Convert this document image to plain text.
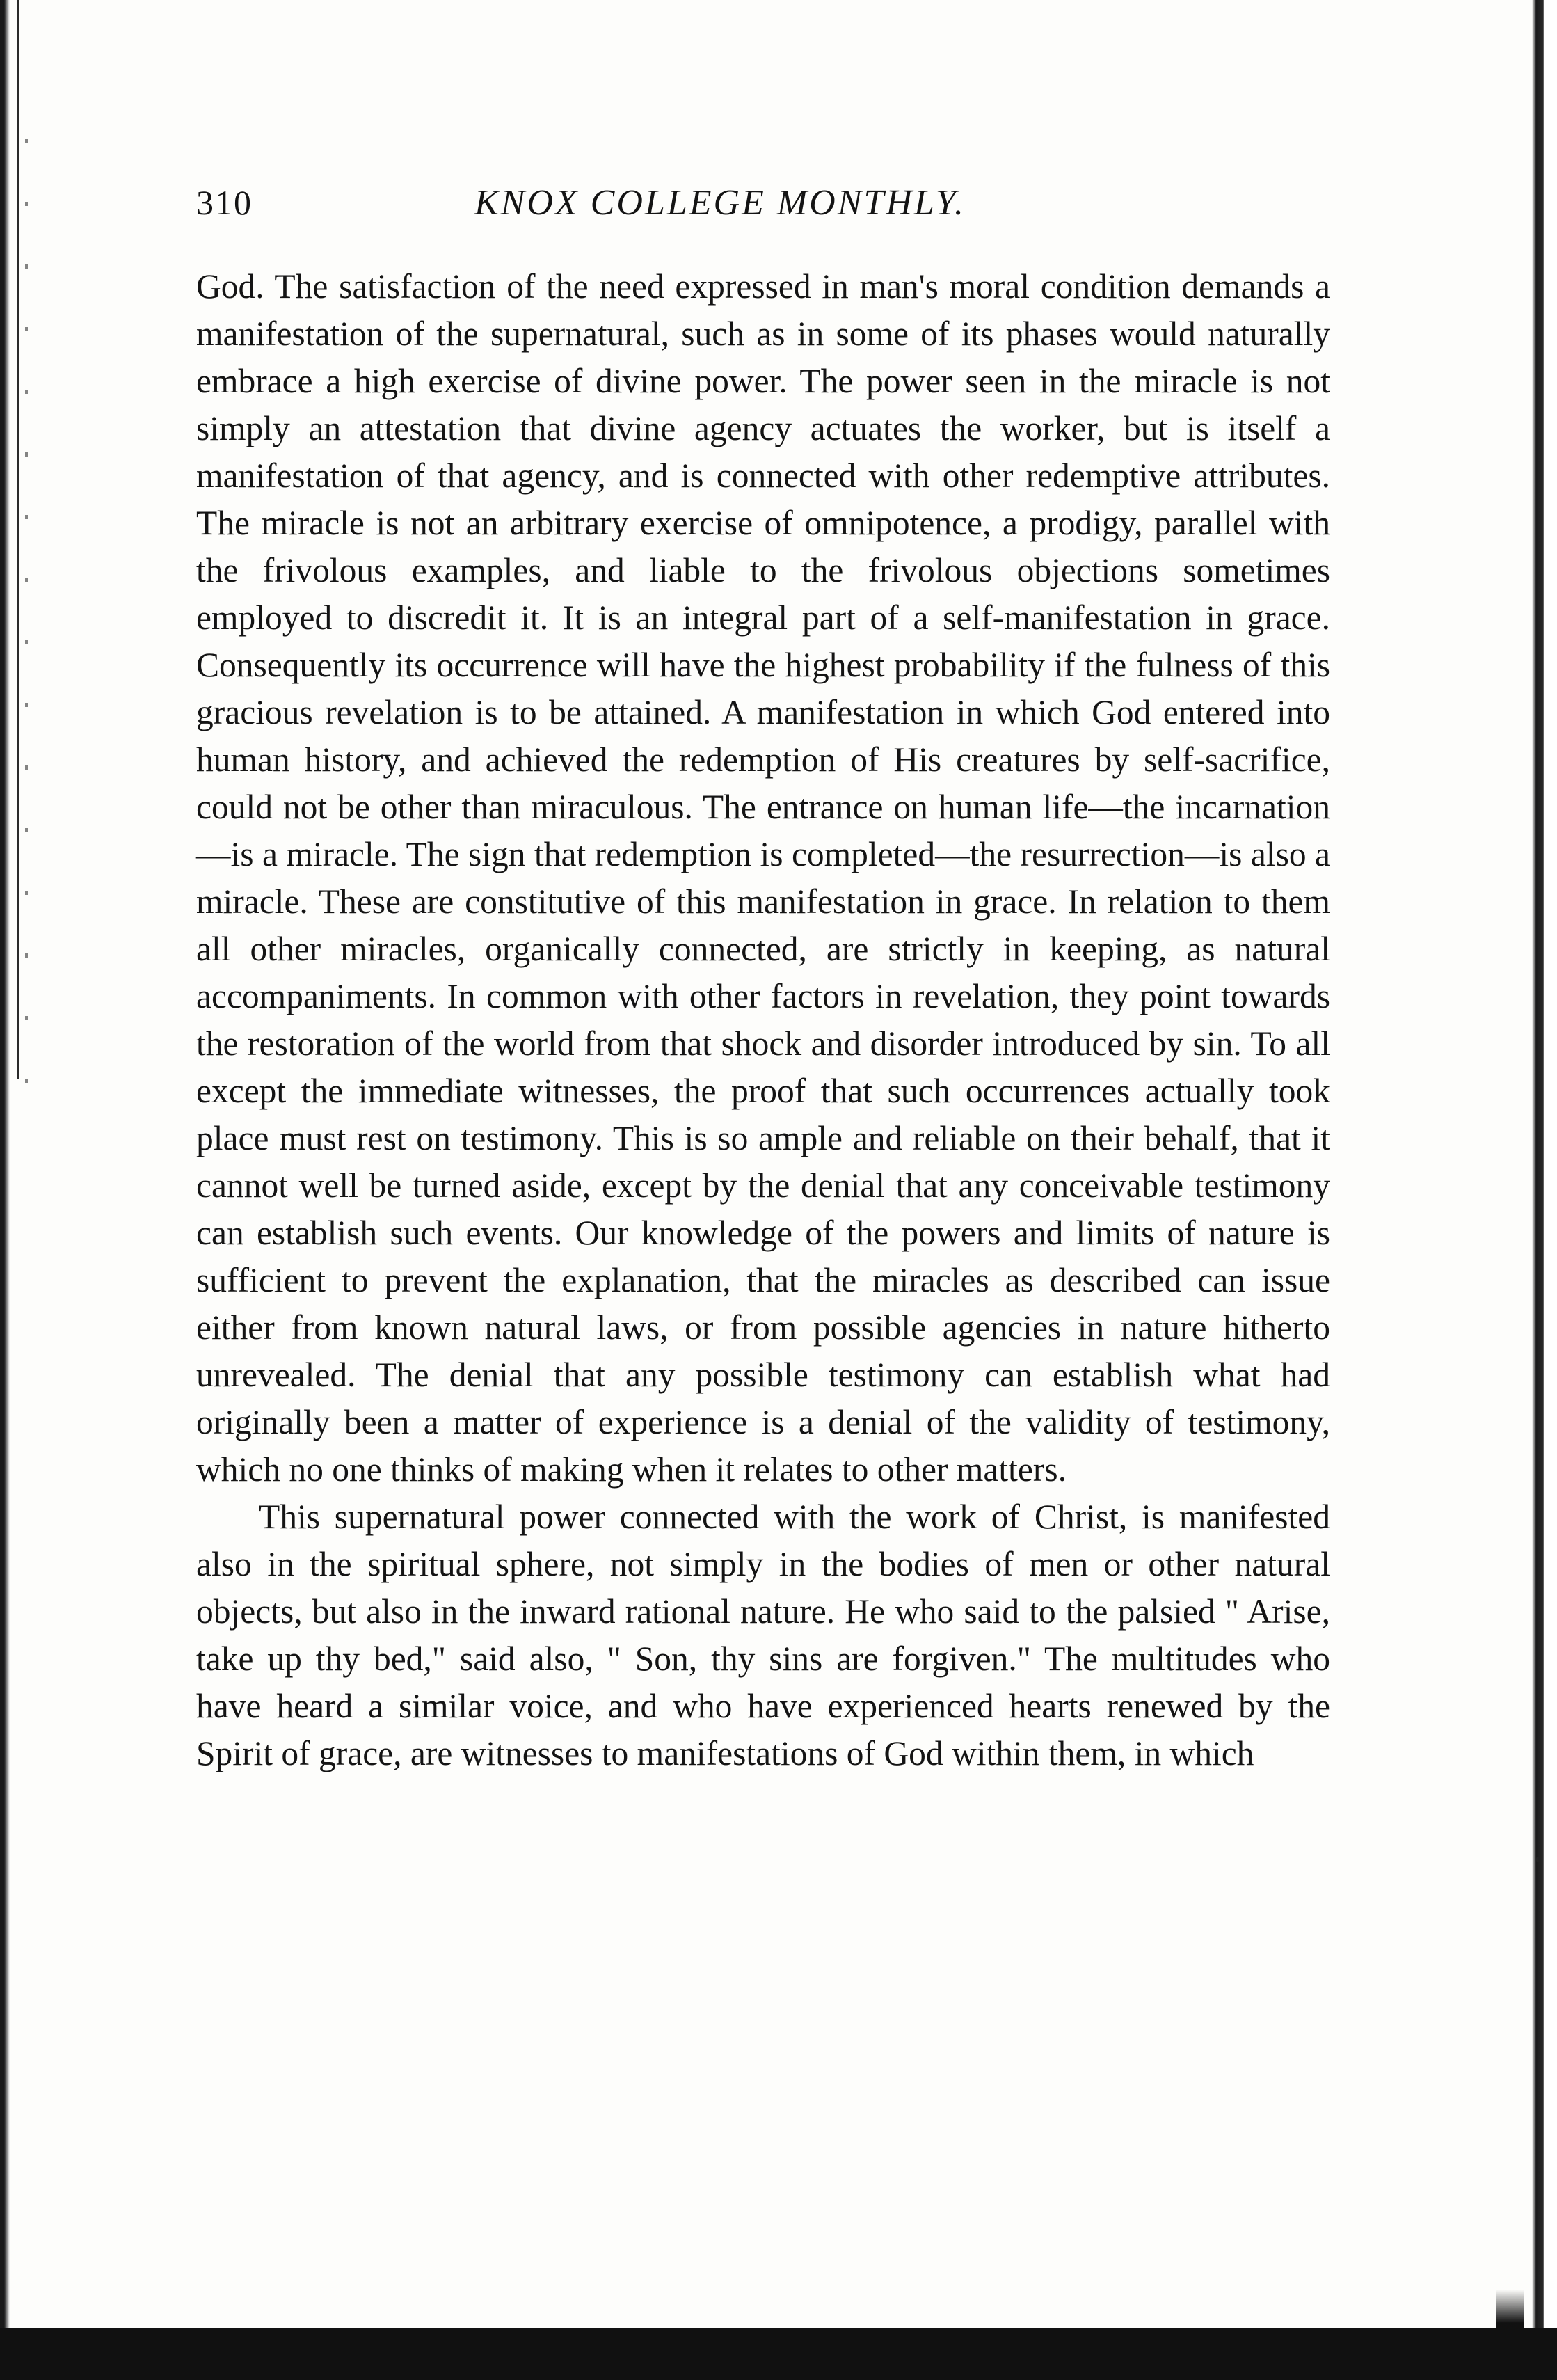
310	KNOX COLLEGE MONTHLY.

God. The satisfaction of the need expressed in man's moral condition demands a manifestation of the supernatural, such as in some of its phases would naturally embrace a high exercise of divine power. The power seen in the miracle is not simply an attestation that divine agency actuates the worker, but is itself a manifestation of that agency, and is connected with other redemptive attributes. The miracle is not an arbitrary exercise of omnipotence, a prodigy, parallel with the frivolous examples, and liable to the frivolous objections sometimes employed to discredit it. It is an integral part of a self-manifestation in grace. Consequently its occurrence will have the highest probability if the fulness of this gracious revelation is to be attained. A manifestation in which God entered into human history, and achieved the redemption of His creatures by self-sacrifice, could not be other than miraculous. The entrance on human life—the incarnation—is a miracle. The sign that redemption is completed—the resurrection—is also a miracle. These are constitutive of this manifestation in grace. In relation to them all other miracles, organically connected, are strictly in keeping, as natural accompaniments. In common with other factors in revelation, they point towards the restoration of the world from that shock and disorder introduced by sin. To all except the immediate witnesses, the proof that such occurrences actually took place must rest on testimony. This is so ample and reliable on their behalf, that it cannot well be turned aside, except by the denial that any conceivable testimony can establish such events. Our knowledge of the powers and limits of nature is sufficient to prevent the explanation, that the miracles as described can issue either from known natural laws, or from possible agencies in nature hitherto unrevealed. The denial that any possible testimony can establish what had originally been a matter of experience is a denial of the validity of testimony, which no one thinks of making when it relates to other matters.

This supernatural power connected with the work of Christ, is manifested also in the spiritual sphere, not simply in the bodies of men or other natural objects, but also in the inward rational nature. He who said to the palsied " Arise, take up thy bed," said also, " Son, thy sins are forgiven." The multitudes who have heard a similar voice, and who have experienced hearts renewed by the Spirit of grace, are witnesses to manifestations of God within them, in which
